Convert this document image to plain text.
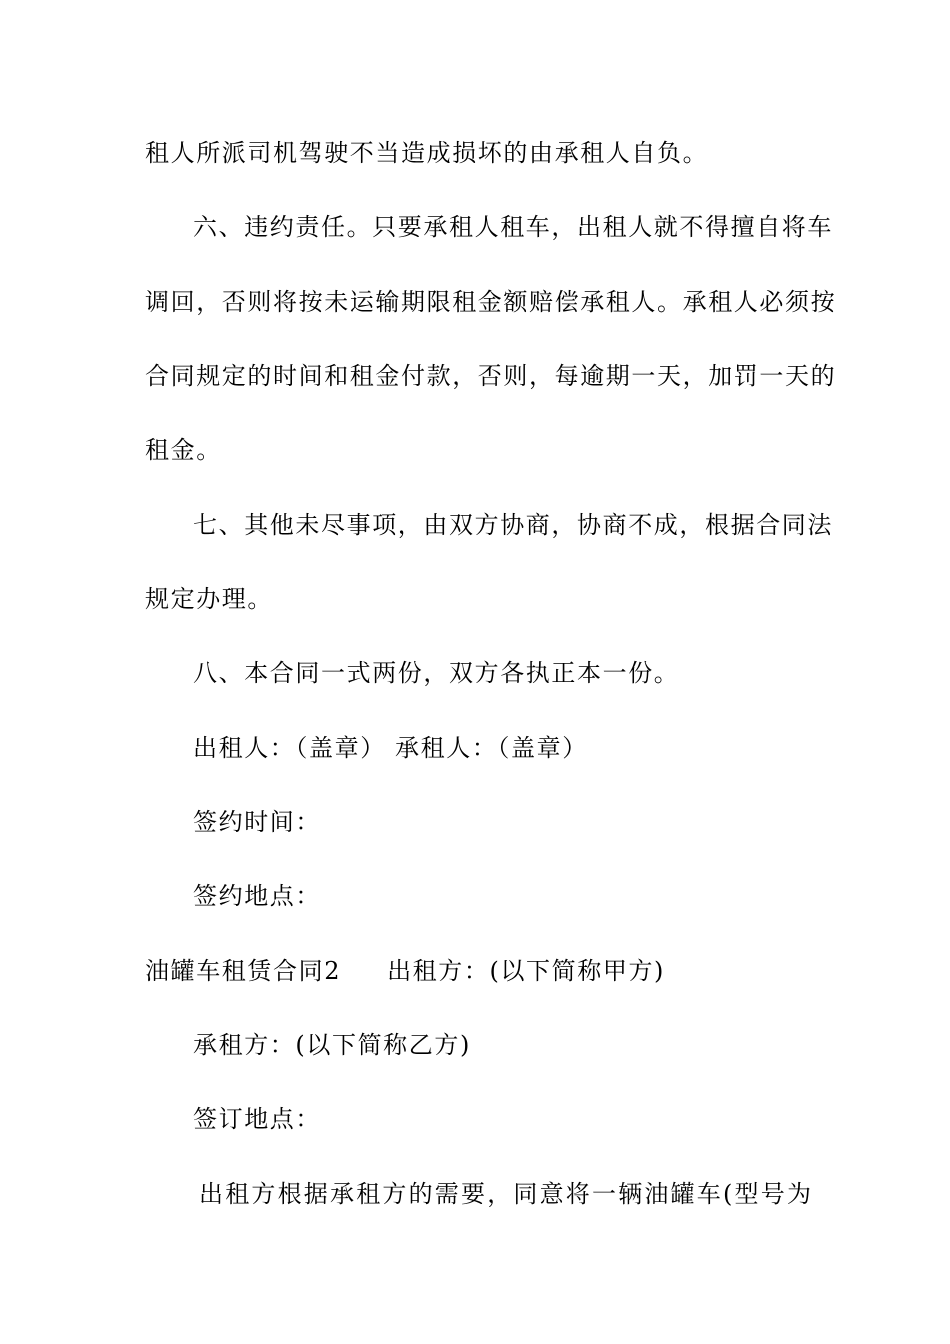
租人所派司机驾驶不当造成损坏的由承租人自负。
六、违约责任。只要承租人租车，出租人就不得擅自将车
调回，否则将按未运输期限租金额赔偿承租人。承租人必须按
合同规定的时间和租金付款，否则，每逾期一天，加罚一天的
租金。
七、其他未尽事项，由双方协商，协商不成，根据合同法
规定办理。
八、本合同一式两份，双方各执正本一份。
出租人：（盖章） 承租人：（盖章）
签约时间：
签约地点：
油罐车租赁合同2 出租方：(以下简称甲方)
承租方：(以下简称乙方)
签订地点：
出租方根据承租方的需要，同意将一辆油罐车(型号为
